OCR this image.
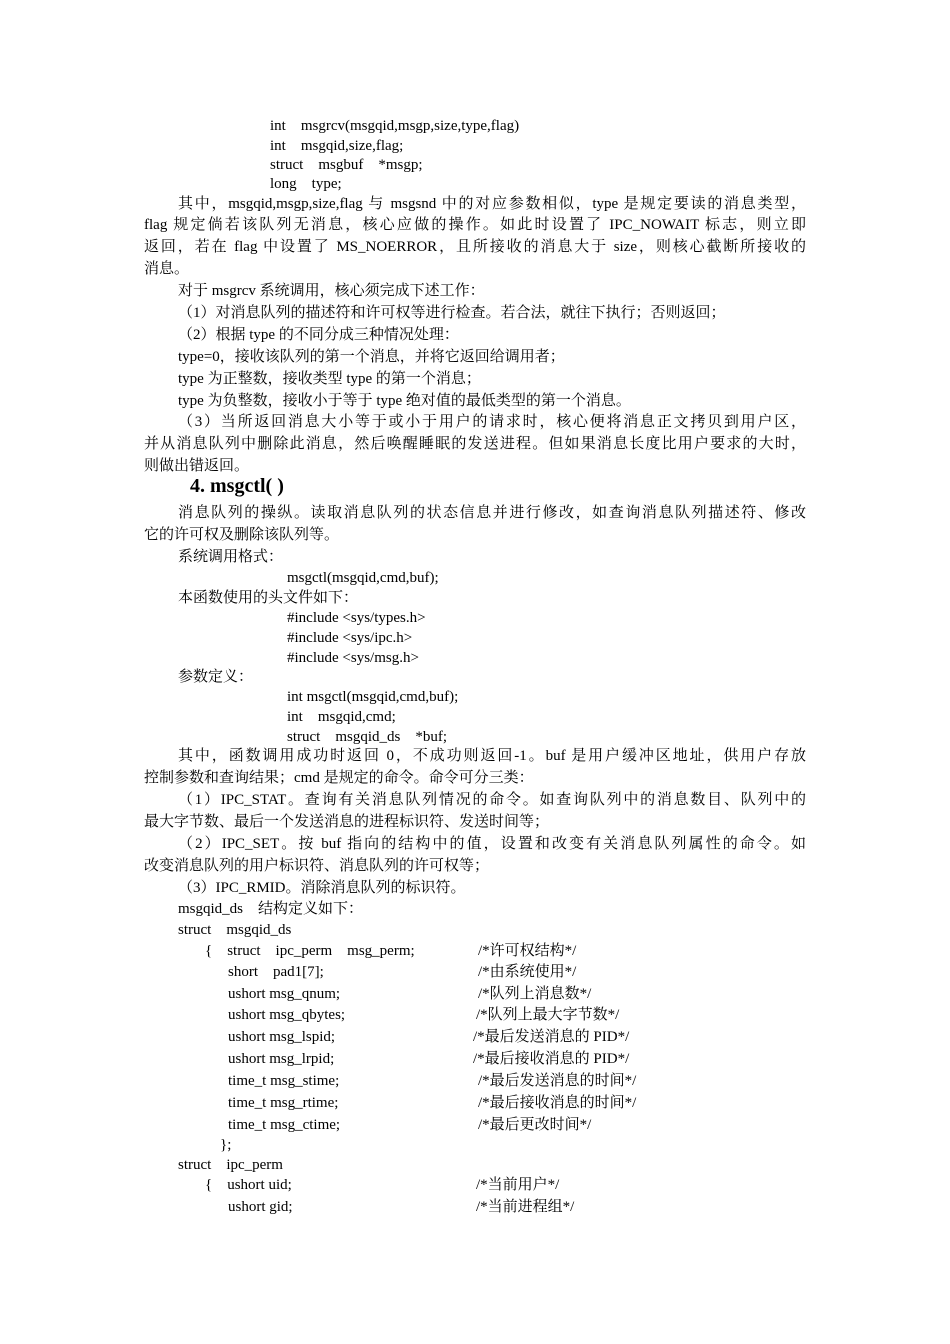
int　msgrcv(msgqid,msgp,size,type,flag)
int　msgqid,size,flag;
struct　msgbuf　*msgp;
long　type;
其中，msgqid,msgp,size,flag 与 msgsnd 中的对应参数相似，type 是规定要读的消息类型，
flag 规定倘若该队列无消息，核心应做的操作。如此时设置了 IPC_NOWAIT 标志，则立即
返回，若在 flag 中设置了 MS_NOERROR，且所接收的消息大于 size，则核心截断所接收的
消息。
对于 msgrcv 系统调用，核心须完成下述工作：
（1）对消息队列的描述符和许可权等进行检查。若合法，就往下执行；否则返回；
（2）根据 type 的不同分成三种情况处理：
type=0，接收该队列的第一个消息，并将它返回给调用者；
type 为正整数，接收类型 type 的第一个消息；
type 为负整数，接收小于等于 type 绝对值的最低类型的第一个消息。
（3）当所返回消息大小等于或小于用户的请求时，核心便将消息正文拷贝到用户区，
并从消息队列中删除此消息，然后唤醒睡眠的发送进程。但如果消息长度比用户要求的大时，
则做出错返回。
4. msgctl( )
消息队列的操纵。读取消息队列的状态信息并进行修改，如查询消息队列描述符、修改
它的许可权及删除该队列等。
系统调用格式：
msgctl(msgqid,cmd,buf);
本函数使用的头文件如下：
#include <sys/types.h>
#include <sys/ipc.h>
#include <sys/msg.h>
参数定义：
int msgctl(msgqid,cmd,buf);
int　msgqid,cmd;
struct　msgqid_ds　*buf;
其中，函数调用成功时返回 0，不成功则返回-1。buf 是用户缓冲区地址，供用户存放
控制参数和查询结果；cmd 是规定的命令。命令可分三类：
（1）IPC_STAT。查询有关消息队列情况的命令。如查询队列中的消息数目、队列中的
最大字节数、最后一个发送消息的进程标识符、发送时间等；
（2）IPC_SET。按 buf 指向的结构中的值，设置和改变有关消息队列属性的命令。如
改变消息队列的用户标识符、消息队列的许可权等；
（3）IPC_RMID。消除消息队列的标识符。
msgqid_ds　结构定义如下：
struct　msgqid_ds
{　struct　ipc_perm　msg_perm;	/*许可权结构*/
short　pad1[7];	/*由系统使用*/
ushort msg_qnum;	/*队列上消息数*/
ushort msg_qbytes;	/*队列上最大字节数*/
ushort msg_lspid;	/*最后发送消息的 PID*/
ushort msg_lrpid;	/*最后接收消息的 PID*/
time_t msg_stime;	/*最后发送消息的时间*/
time_t msg_rtime;	/*最后接收消息的时间*/
time_t msg_ctime;	/*最后更改时间*/
};
struct　ipc_perm
{　ushort uid;	/*当前用户*/
ushort gid;	/*当前进程组*/
